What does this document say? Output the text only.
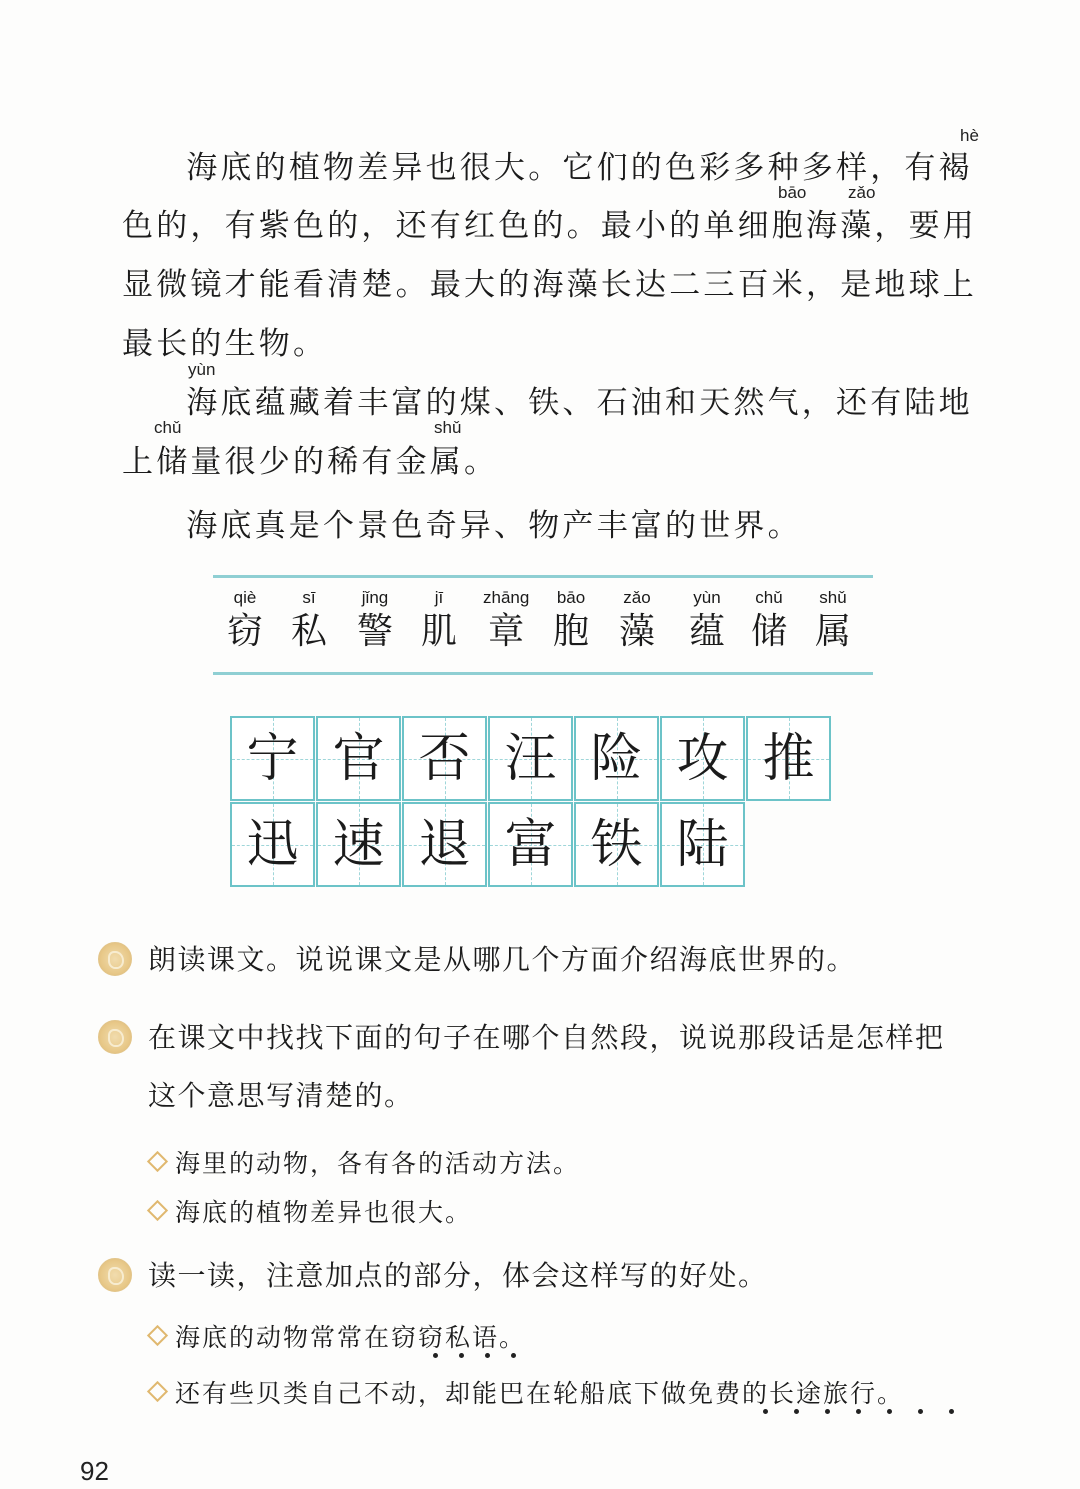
hè
　海底的植物差异也很大。它们的色彩多种多样，有褐
bāo zǎo
色的，有紫色的，还有红色的。最小的单细胞海藻，要用
显微镜才能看清楚。最大的海藻长达二三百米，是地球上
最长的生物。
yùn
　海底蕴藏着丰富的煤、铁、石油和天然气，还有陆地
chǔ	shǔ
上储量很少的稀有金属。
　海底真是个景色奇异、物产丰富的世界。
qiè
窃
sī
私
jǐng
警
jī
肌
zhāng
章
bāo
胞
zǎo
藻
yùn
蕴
chǔ
储
shǔ
属
宁 官 否 汪 险 攻 推
迅 速 退 富 铁 陆
朗读课文。说说课文是从哪几个方面介绍海底世界的。
在课文中找找下面的句子在哪个自然段，说说那段话是怎样把
这个意思写清楚的。
海里的动物，各有各的活动方法。
海底的植物差异也很大。
读一读，注意加点的部分，体会这样写的好处。
海底的动物常常在窃窃私语。
还有些贝类自己不动，却能巴在轮船底下做免费的长途旅行。
92
